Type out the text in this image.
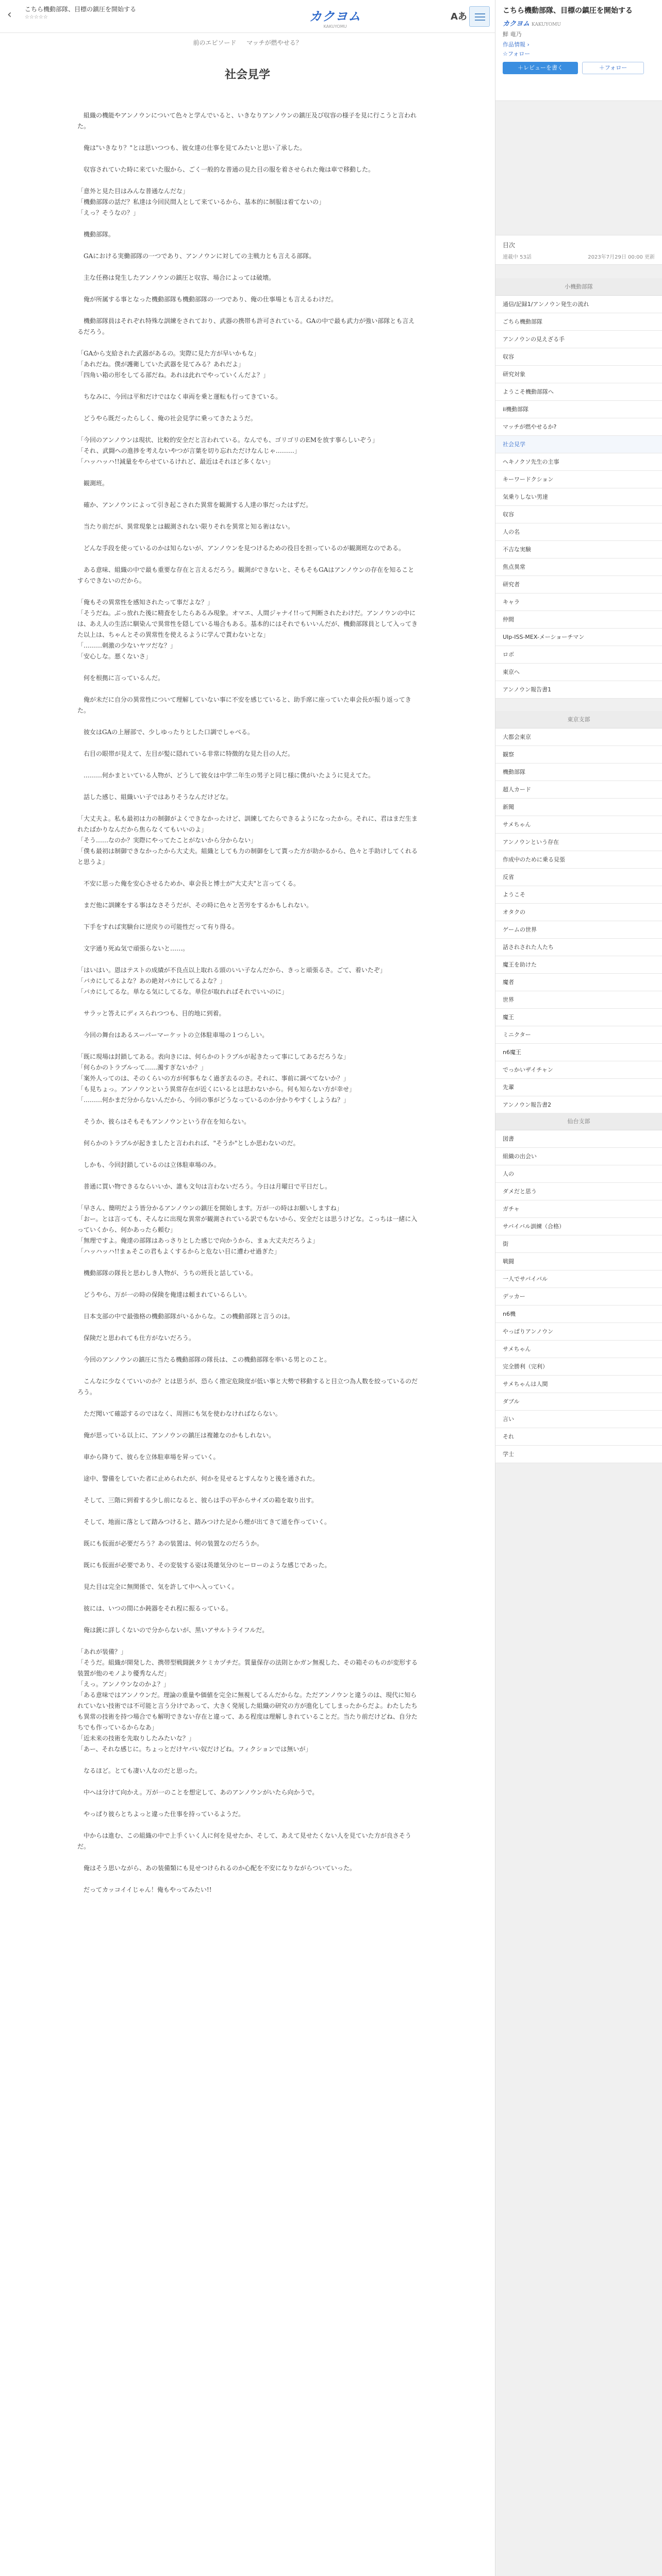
‹ こちら機動部隊、目標の鎮圧を開始する
☆☆☆☆☆	カクヨム
KAKUYOMU
Aあ
前のエピソード マッチが燃やせる？
社会見学

　組織の機能やアンノウンについて色々と学んでいると、いきなりアンノウンの鎮圧及び収容の様子を見に行こうと言われた。

　俺は"いきなり？"とは思いつつも、彼女達の仕事を見てみたいと思い了承した。

　収容されていた時に来ていた服から、ごく一般的な普通の見た目の服を着させられた俺は車で移動した。

「意外と見た目はみんな普通なんだな」

「機動部隊の話だ？私達は今回民間人として来ているから、基本的に制服は着てないの」

「えっ？そうなの？」

　機動部隊。

　GAにおける実働部隊の一つであり、アンノウンに対しての主戦力とも言える部隊。

　主な任務は発生したアンノウンの鎮圧と収容、場合によっては破壊。

　俺が所属する事となった機動部隊も機動部隊の一つであり、俺の仕事場とも言えるわけだ。

　機動部隊員はそれぞれ特殊な訓練をされており、武器の携帯も許可されている。GAの中で最も武力が強い部隊とも言えるだろう。

「GAから支給された武器があるの。実際に見た方が早いかもな」

「あれだね。僕が護衛していた武器を見てみる？あれだよ」

「四角い箱の形をしてる部だね。あれは此れでやっていくんだよ？」

　ちなみに、今回は平和だけではなく車両を乗と運転も行ってきている。

　どうやら既だったらしく、俺の社会見学に乗ってきたようだ。

「今回のアンノウンは現状、比較的安全だと言われている。なんでも、ゴリゴリのEMを放す事らしいぞう」

「それ、武闘への進捗を考えないやつが言葉を切り忘れただけなんじゃ………」

「ハッハッハ!!減量をやらせているけれど、最近はそれほど多くない」

　観測班。

　確か、アンノウンによって引き起こされた異常を観測する人達の事だったはずだ。

　当たり前だが、異常現象とは観測されない限りそれを異常と知る術はない。

　どんな手段を使っているのかは知らないが、アンノウンを見つけるための役目を担っているのが観測班なのである。

　ある意味、組織の中で最も重要な存在と言えるだろう。観測ができないと、そもそもGAはアンノウンの存在を知ることすらできないのだから。

「俺もその異常性を感知されたって事だよな？」

「そうだね。ぶっ放れた後に精査をしたらあるみ現象。オマエ、人間ジャナイ!!って判断されたわけだ。アンノウンの中には、あえ人の生活に馴染んで異常性を隠している場合もある。基本的にはそれでもいいんだが、機動部隊員として入ってきた以上は、ちゃんとその異常性を使えるように学んで貰わないとな」

「………刺激の少ないヤツだな？」

「安心しな。悪くないさ」

　何を根拠に言っているんだ。

　俺が未だに自分の異常性について理解していない事に不安を感じていると、助手席に座っていた車会長が振り返ってきた。

　彼女はGAの上層部で、少しゆったりとした口調でしゃべる。

　右目の眼帯が見えて、左目が髪に隠れている非常に特徴的な見た目の人だ。

　………何かまといている人物が、どうして彼女は中学二年生の男子と同じ様に僕がいたように見えてた。

　話した感じ、組織いい子ではありそうなんだけどな。

「大丈夫よ。私も最初は力の制御がよくできなかったけど、訓練してたらできるようになったから。それに、君はまだ生まれたばかりなんだから焦らなくてもいいのよ」

「そう……なのか？実際にやってたことがないから分からない」

「僕も最初は制御できなかったから大丈夫。組織としても力の制御をして貰った方が助かるから、色々と手助けしてくれると思うよ」

　不安に思った俺を安心させるためか、車会長と博士が"大丈夫"と言ってくる。

　まだ他に訓練をする事はなさそうだが、その時に色々と苦労をするかもしれない。

　下手をすれば実験台に逆戻りの可能性だって有り得る。

　文字通り死ぬ気で頑張らないと……。

「はいはい。恩はテストの成績が不良点以上取れる頭のいい子なんだから、きっと頑張るさ。ごて、着いたぞ」

「バカにしてるよな？あの絶対バカにしてるよな？」

「バカにしてるな。単なる気にしてるな。単位が取れればそれでいいのに」

　サラッと答えにディスられつつも、目的地に到着。

　今回の舞台はあるスーパーマーケットの立体駐車場の１つらしい。

「既に現場は封鎖してある。表向きには、何らかのトラブルが起きたって事にしてあるだろうな」

「何らかのトラブルって……濁すぎないか？」

「案外人ってのは、そのくらいの方が何事もなく過ぎ去るのさ。それに、事前に調べてないか？」

「も見ちょっ。アンノウンという異常存在が近くにいるとは思わないから。何も知らない方が幸せ」

「………何かまだ分からないんだから、今回の事がどうなっているのか分かりやすくしようね？」

　そうか、彼らはそもそもアンノウンという存在を知らない。

　何らかのトラブルが起きましたと言われれば、"そうか"としか思わないのだ。

　しかも、今回封鎖しているのは立体駐車場のみ。

　普通に買い物できるならいいか、誰も文句は言わないだろう。今日は月曜日で平日だし。

「早さん、簡明だよう皆分かるアンノウンの鎮圧を開始します。万が一の時はお願いしますね」

「おー。とは言っても、そんなに出現な異常が観測されている訳でもないから、安全だとは思うけどな。こっちは一緒に入っていくから、何かあったら頼む」

「無理ですよ。俺達の部隊はあっさりとした感じで向かうから、まぁ大丈夫だろうよ」

「ハッハッハ!!まぁそこの君もよくするからと危ない目に遭わせ過ぎた」

　機動部隊の隊長と思わしき人物が、うちの班長と話している。

　どうやら、万が一の時の保険を俺達は頼まれているらしい。

　日本支部の中で最強格の機動部隊がいるからな。この機動部隊と言うのは。

　保険だと思われても仕方がないだろう。

　今回のアンノウンの鎮圧に当たる機動部隊の隊長は、この機動部隊を率いる男とのこと。

　こんなに少なくていいのか？とは思うが、恐らく推定危険度が低い事と大勢で移動すると目立つ為人数を絞っているのだろう。

　ただ聞いて確認するのではなく、周囲にも気を使わなければならない。

　俺が思っている以上に、アンノウンの鎮圧は複雑なのかもしれない。

　車から降りて、彼らを立体駐車場を昇っていく。

　途中、警備をしていた者に止められたが、何かを見せるとすんなりと後を通された。

　そして、三階に到着する少し前になると、彼らは手の平からサイズの箱を取り出す。

　そして、地面に落として踏みつけると、踏みつけた足から煙が出てきて道を作っていく。

　既にも仮面が必要だろう？あの装置は、何の装置なのだろうか。

　既にも仮面が必要であり、その変装する姿は英雄気分のヒーローのような感じであった。

　見た目は完全に無関係で、気を許して中へ入っていく。

　彼には、いつの間にか鈍器をそれ程に振るっている。

　俺は銃に詳しくないので分からないが、黒いアサルトライフルだ。

「あれが装備？」

「そうだ。組織が開発した、携帯型戦闘銃タケミカヅチだ。質量保存の法則とかガン無視した、その箱そのものが変形する装置が他のモノより優秀なんだ」

「えっ。アンノウンなのかよ？」

「ある意味ではアンノウンだ。理論の重量や価値を完全に無視してるんだからな。ただアンノウンと違うのは、現代に知られていない技術では不可能と言う分けであって、大きく発展した組織の研究の方が進化してしまったからだよ。わたしたちも異常の技術を持つ場合でも解明できない存在と違って、ある程度は理解しきれていることだ。当たり前だけどね、自分たちでも作っているからなあ」

「近未来の技術を先取りしたみたいな？」

「あー、それな感じに。ちょっとだけヤバい奴だけどね。フィクションでは無いが」

　なるほど。とても凄い人なのだと思った。

　中へは分けて向かえ。万が一のことを想定して、あのアンノウンがいたら向かうで。

　やっぱり彼らとちよっと違った仕事を持っているようだ。

　中からは進む、この組織の中で上手くいく人に何を見せたか、そして、あえて見せたくない人を見ていた方が良さそうだ。

　俺はそう思いながら、あの装備類にも見せつけられるのか心配を不安になりながらついていった。

　だってカッコイイじゃん！俺もやってみたい!!

こちら機動部隊、目標の鎮圧を開始する
カクヨム KAKUYOMU
鮮 竜乃
作品情報 ›
☆フォロー
＋レビューを書く	＋フォロー
目次
連載中 53話	2023年7月29日 00:00 更新
小機動部隊
通信/記録1/アンノウン発生の流れ
ごちら機動部隊
アンノウンの見えざる手
収容
研究対象
ようこそ機動部隊へ
ii機動部隊
マッチが燃やせるか?
社会見学
ヘキノクソ先生の主事
キーワードクション
気乗りしない男達
収容
人の名
不吉な実験
焦点異常
研究者
キャラ
仲間
UIp-ISS-MEX-メーショーチマン
ロボ
東京へ
アンノウン報告書1
東京支部
大都会東京
観察
機動部隊
超人カード
新聞
サメちゃん
アンノウンという存在
作成中のために乗る見張
反省
ようこそ
オタクの
ゲームの世界
話されされた人たち
魔王を助けた
魔者
世界
魔王
ミニクター
n6魔王
でっかいザイチャン
先輩
アンノウン報告書2
仙台支部
図書
組織の出会い
人の
ダメだと思う
ガチャ
サバイバル訓練（合格）
街
戦闘
一人でサバイバル
デッカー
n6機
やっぱりアンノウン
サメちゃん
完全勝利（完利）
サメちゃんは人間
ダブル
言い
それ
学士
